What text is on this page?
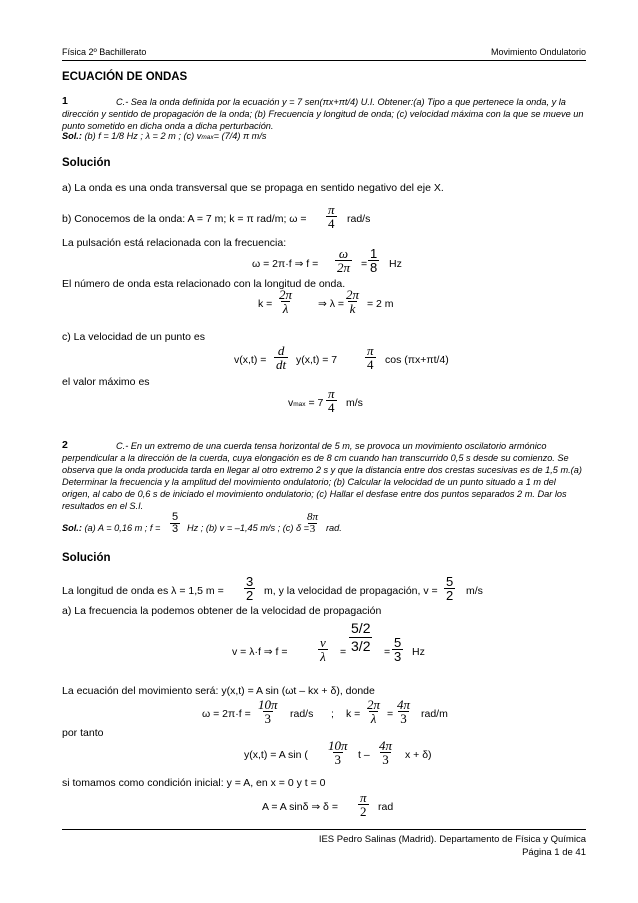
Física 2º Bachillerato	Movimiento Ondulatorio
ECUACIÓN DE ONDAS
1	C.- Sea la onda definida por la ecuación y = 7 sen(πx+πt/4) U.I. Obtener:(a) Tipo a que pertenece la onda, y la dirección y sentido de propagación de la onda; (b) Frecuencia y longitud de onda; (c) velocidad máxima con la que se mueve un punto sometido en dicha onda a dicha perturbación.
Sol.: (b) f = 1/8 Hz ; λ = 2 m ; (c) vmax= (7/4) π m/s
Solución
a) La onda es una onda transversal que se propaga en sentido negativo del eje X.
b) Conocemos de la onda: A = 7 m; k = π rad/m; $\omega = \frac{\pi}{4} rad/s$
La pulsación está relacionada con la frecuencia:
ω = 2π·f ⇒ $f = \frac{\omega}{2\pi} = \frac{1}{8}$ Hz
El número de onda esta relacionado con la longitud de onda.
$k = \frac{2\pi}{\lambda}$ ⇒ $\lambda = \frac{2\pi}{k} = 2$ m
c) La velocidad de un punto es
$v(x,t) = \frac{d}{dt} y(x,t) = 7 \frac{\pi}{4}$ cos (πx+πt/4)
el valor máximo es
$vmax = 7 \frac{\pi}{4} m/s$
2	C.- En un extremo de una cuerda tensa horizontal de 5 m, se provoca un movimiento oscilatorio armónico perpendicular a la dirección de la cuerda, cuya elongación es de 8 cm cuando han transcurrido 0,5 s desde su comienzo. Se observa que la onda producida tarda en llegar al otro extremo 2 s y que la distancia entre dos crestas sucesivas es de 1,5 m.(a) Determinar la frecuencia y la amplitud del movimiento ondulatorio; (b) Calcular la velocidad de un punto situado a 1 m del origen, al cabo de 0,6 s de iniciado el movimiento ondulatorio; (c) Hallar el desfase entre dos puntos separados 2 m. Dar los resultados en el S.I.
Sol.: (a) A = 0,16 m ; $f = \frac{5}{3}$ Hz ; (b) v = –1,45 m/s ; (c) δ =
$\frac{8\pi}{3}$ rad.
Solución
La longitud de onda es λ = 1,5 $m = \frac{3}{2} m$, y la velocidad de propagación, $v = \frac{5}{2} m/s$
a) La frecuencia la podemos obtener de la velocidad de propagación
v = λ·f ⇒ $f = \frac{v}{\lambda} = \frac{5/2}{3/2} = \frac{5}{3}$ Hz
La ecuación del movimiento será: y(x,t) = A sin (ωt – kx + δ), donde
$\omega = 2\pi\cdot f = \frac{10\pi}{3} rad/s$ ; $k = \frac{2\pi}{\lambda} = \frac{4\pi}{3} rad/m$
por tanto
y(x,t) = A sin ( $\frac{10\pi}{3}$ t – $\frac{4\pi}{3}$ x + δ)
si tomamos como condición inicial: y = A, en x = 0 y t = 0
A = A sinδ ⇒ $\delta = \frac{\pi}{2}$ rad
IES Pedro Salinas (Madrid). Departamento de Física y Química
Página 1 de 41
